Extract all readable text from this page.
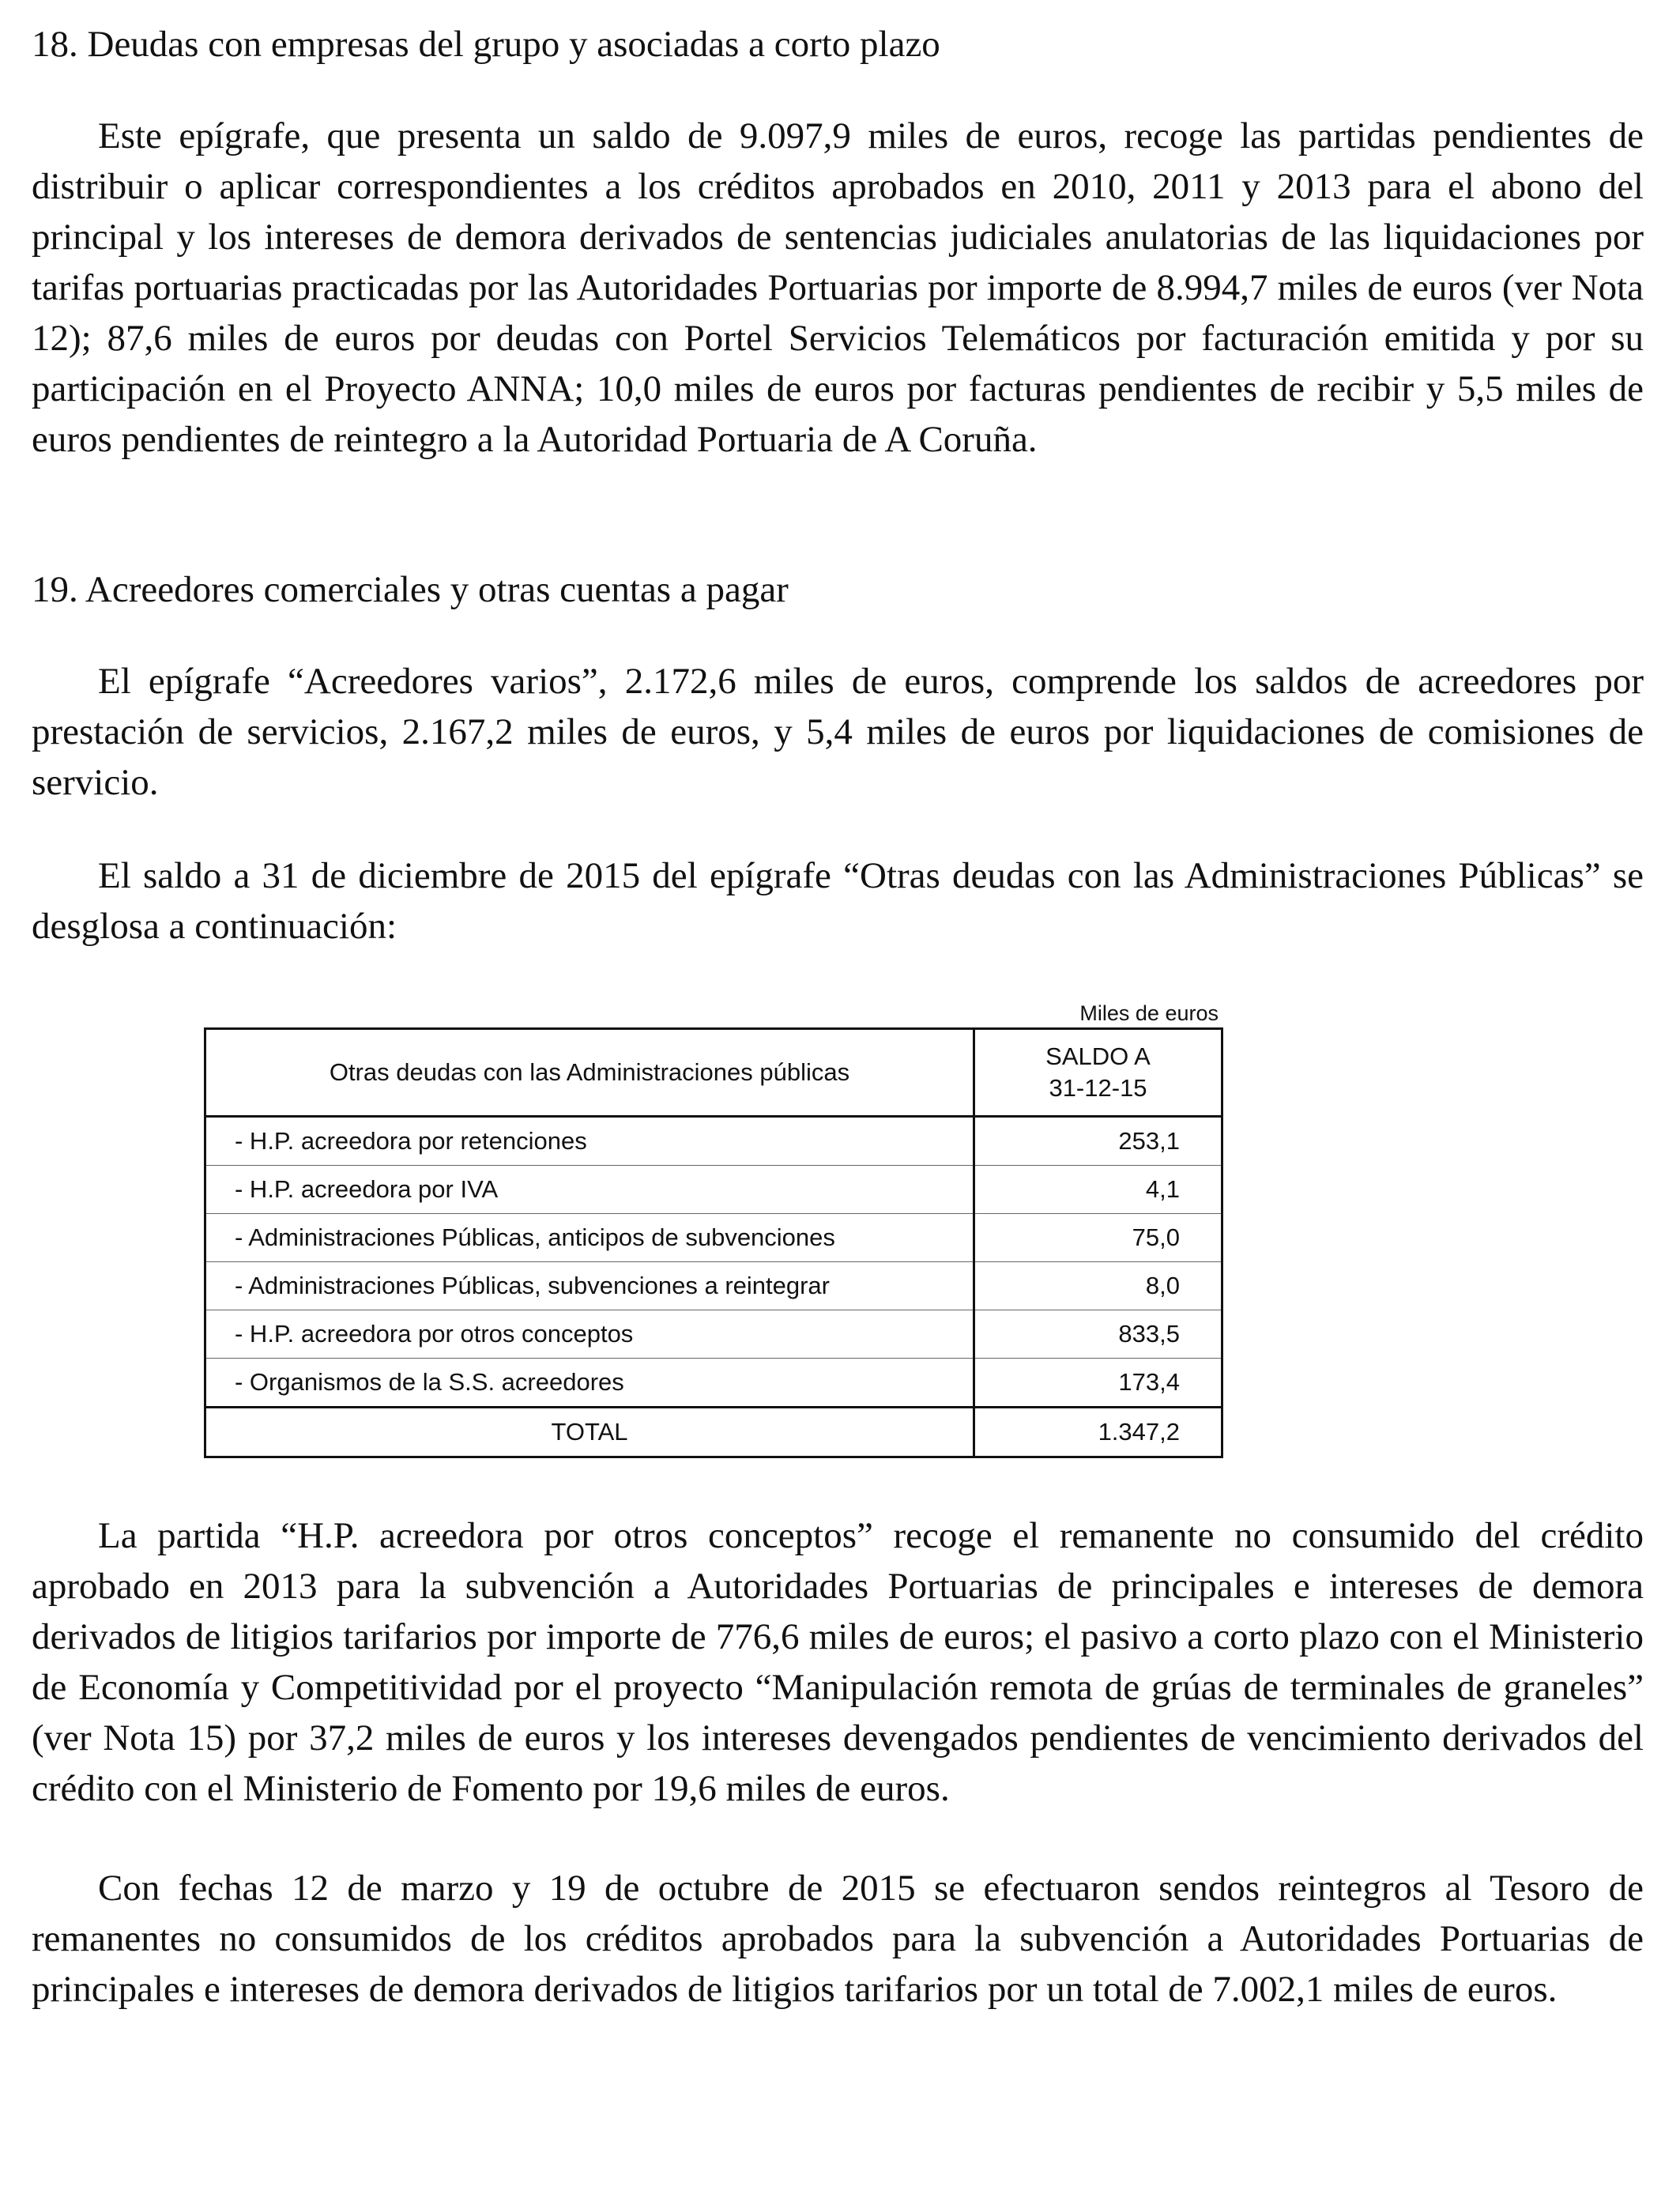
18. Deudas con empresas del grupo y asociadas a corto plazo

Este epígrafe, que presenta un saldo de 9.097,9 miles de euros, recoge las partidas pendientes de distribuir o aplicar correspondientes a los créditos aprobados en 2010, 2011 y 2013 para el abono del principal y los intereses de demora derivados de sentencias judiciales anulatorias de las liquidaciones por tarifas portuarias practicadas por las Autoridades Portuarias por importe de 8.994,7 miles de euros (ver Nota 12); 87,6 miles de euros por deudas con Portel Servicios Telemáticos por facturación emitida y por su participación en el Proyecto ANNA; 10,0 miles de euros por facturas pendientes de recibir y 5,5 miles de euros pendientes de reintegro a la Autoridad Portuaria de A Coruña.

19. Acreedores comerciales y otras cuentas a pagar

El epígrafe “Acreedores varios”, 2.172,6 miles de euros, comprende los saldos de acreedores por prestación de servicios, 2.167,2 miles de euros, y 5,4 miles de euros por liquidaciones de comisiones de servicio.

El saldo a 31 de diciembre de 2015 del epígrafe “Otras deudas con las Administraciones Públicas” se desglosa a continuación:

Miles de euros
Otras deudas con las Administraciones públicas	SALDO A
31-12-15

- H.P. acreedora por retenciones	253,1
- H.P. acreedora por IVA	4,1
- Administraciones Públicas, anticipos de subvenciones	75,0
- Administraciones Públicas, subvenciones a reintegrar	8,0
- H.P. acreedora por otros conceptos	833,5
- Organismos de la S.S. acreedores	173,4
TOTAL	1.347,2

La partida “H.P. acreedora por otros conceptos” recoge el remanente no consumido del crédito aprobado en 2013 para la subvención a Autoridades Portuarias de principales e intereses de demora derivados de litigios tarifarios por importe de 776,6 miles de euros; el pasivo a corto plazo con el Ministerio de Economía y Competitividad por el proyecto “Manipulación remota de grúas de terminales de graneles” (ver Nota 15) por 37,2 miles de euros y los intereses devengados pendientes de vencimiento derivados del crédito con el Ministerio de Fomento por 19,6 miles de euros.

Con fechas 12 de marzo y 19 de octubre de 2015 se efectuaron sendos reintegros al Tesoro de remanentes no consumidos de los créditos aprobados para la subvención a Autoridades Portuarias de principales e intereses de demora derivados de litigios tarifarios por un total de 7.002,1 miles de euros.
